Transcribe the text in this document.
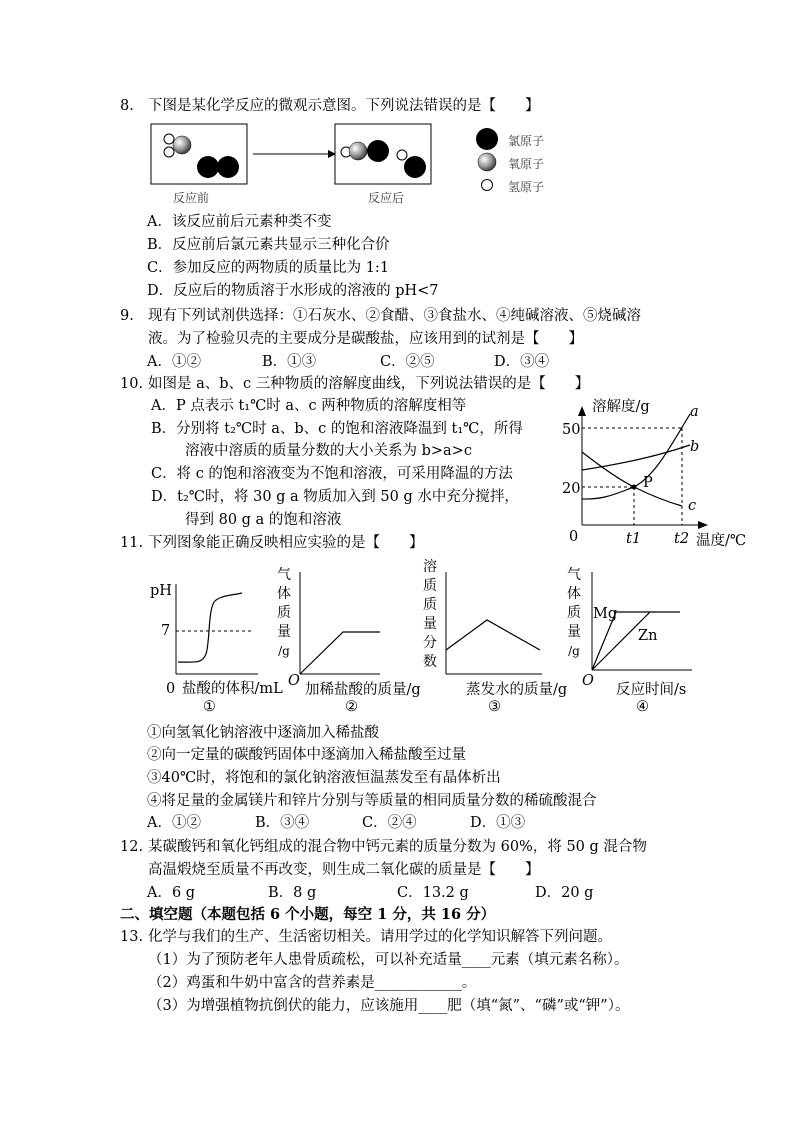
8. 下图是某化学反应的微观示意图。下列说法错误的是【　　】
反应前	反应后
氯原子
氧原子
氢原子
A．该反应前后元素种类不变
B．反应前后氯元素共显示三种化合价
C．参加反应的两物质的质量比为 1:1
D．反应后的物质溶于水形成的溶液的 pH<7
9. 现有下列试剂供选择：①石灰水、②食醋、③食盐水、④纯碱溶液、⑤烧碱溶
液。为了检验贝壳的主要成分是碳酸盐，应该用到的试剂是【　　】
A．①②	B．①③	C．②⑤	D．③④
10. 如图是 a、b、c 三种物质的溶解度曲线，下列说法错误的是【　　】
A．P 点表示 t₁℃时 a、c 两种物质的溶解度相等
B．分别将 t₂℃时 a、b、c 的饱和溶液降温到 t₁℃，所得
溶液中溶质的质量分数的大小关系为 b>a>c
C．将 c 的饱和溶液变为不饱和溶液，可采用降温的方法
D．t₂℃时，将 30 g a 物质加入到 50 g 水中充分搅拌，
得到 80 g a 的饱和溶液
溶解度/g
50
20
0	t1 t2 温度/℃
P
a
b
c
11. 下列图象能正确反映相应实验的是【　　】
pH
7
0 盐酸的体积/mL
①
气
体
质
量
/g
O
加稀盐酸的质量/g
②
溶
质
质
量
分
数
蒸发水的质量/g
③
气
体
质
量
/g
Mg
Zn
O
反应时间/s
④
①向氢氧化钠溶液中逐滴加入稀盐酸
②向一定量的碳酸钙固体中逐滴加入稀盐酸至过量
③40℃时，将饱和的氯化钠溶液恒温蒸发至有晶体析出
④将足量的金属镁片和锌片分别与等质量的相同质量分数的稀硫酸混合
A．①②	B．③④	C．②④	D．①③
12. 某碳酸钙和氧化钙组成的混合物中钙元素的质量分数为 60%，将 50 g 混合物
高温煅烧至质量不再改变，则生成二氧化碳的质量是【　　】
A．6 g	B．8 g	C．13.2 g	D．20 g
二、填空题（本题包括 6 个小题，每空 1 分，共 16 分）
13. 化学与我们的生产、生活密切相关。请用学过的化学知识解答下列问题。
（1）为了预防老年人患骨质疏松，可以补充适量____元素（填元素名称）。
（2）鸡蛋和牛奶中富含的营养素是____________。
（3）为增强植物抗倒伏的能力，应该施用____肥（填“氮”、“磷”或“钾”）。
